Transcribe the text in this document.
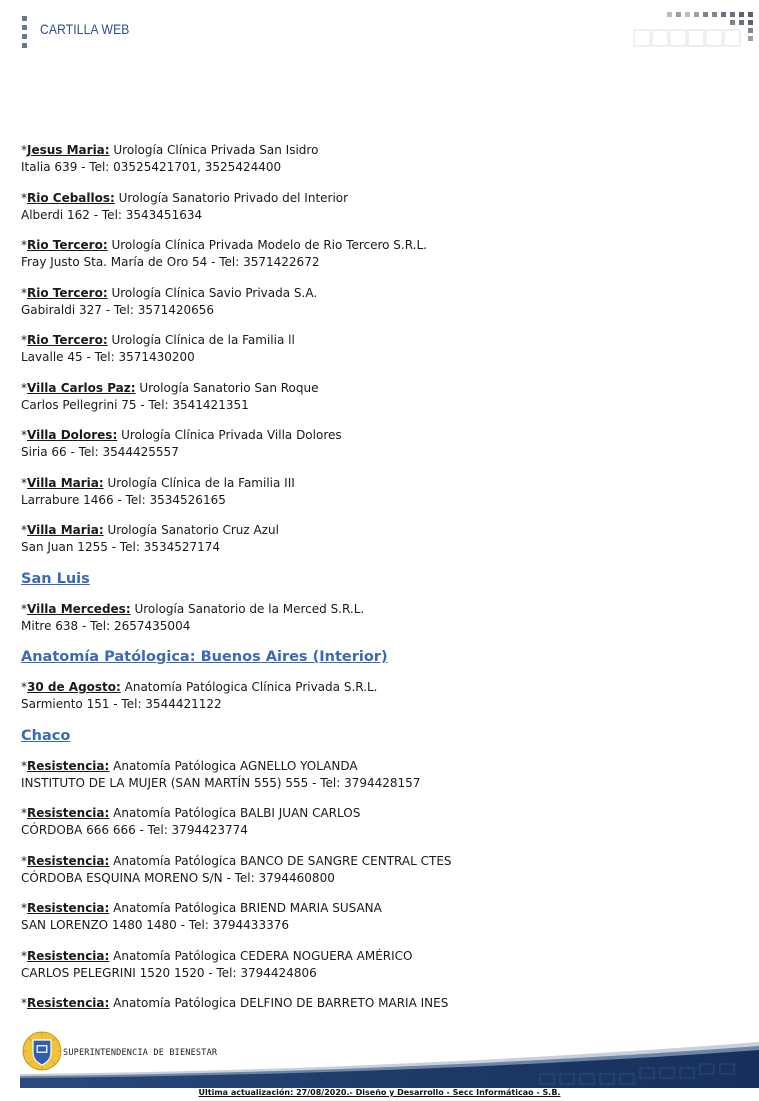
CARTILLA WEB
*Jesus Maria: Urología Clínica Privada San Isidro
Italia 639 - Tel: 03525421701, 3525424400
*Rio Ceballos: Urología Sanatorio Privado del Interior
Alberdi 162 - Tel: 3543451634
*Rio Tercero: Urología Clínica Privada Modelo de Rio Tercero S.R.L.
Fray Justo Sta. María de Oro 54 - Tel: 3571422672
*Rio Tercero: Urología Clínica Savio Privada S.A.
Gabiraldi 327 - Tel: 3571420656
*Rio Tercero: Urología Clínica de la Familia ll
Lavalle 45 - Tel: 3571430200
*Villa Carlos Paz: Urología Sanatorio San Roque
Carlos Pellegrini 75 - Tel: 3541421351
*Villa Dolores: Urología Clínica Privada Villa Dolores
Siria 66 - Tel: 3544425557
*Villa Maria: Urología Clínica de la Familia III
Larrabure 1466 - Tel: 3534526165
*Villa Maria: Urología Sanatorio Cruz Azul
San Juan 1255 - Tel: 3534527174
San Luis
*Villa Mercedes: Urología Sanatorio de la Merced S.R.L.
Mitre 638 - Tel: 2657435004
Anatomía Patólogica: Buenos Aires (Interior)
*30 de Agosto: Anatomía Patólogica Clínica Privada S.R.L.
Sarmiento 151 - Tel: 3544421122
Chaco
*Resistencia: Anatomía Patólogica AGNELLO YOLANDA
INSTITUTO DE LA MUJER (SAN MARTÍN 555) 555 - Tel: 3794428157
*Resistencia: Anatomía Patólogica BALBI JUAN CARLOS
CÓRDOBA 666 666 - Tel: 3794423774
*Resistencia: Anatomía Patólogica BANCO DE SANGRE CENTRAL CTES
CÓRDOBA ESQUINA MORENO S/N - Tel: 3794460800
*Resistencia: Anatomía Patólogica BRIEND MARIA SUSANA
SAN LORENZO 1480 1480 - Tel: 3794433376
*Resistencia: Anatomía Patólogica CEDERA NOGUERA AMÉRICO
CARLOS PELEGRINI 1520 1520 - Tel: 3794424806
*Resistencia: Anatomía Patólogica DELFINO DE BARRETO MARIA INES

SUPERINTENDENCIA DE BIENESTAR
Ultima actualización: 27/08/2020.- Diseño y Desarrollo - Secc Informáticao - S.B.
